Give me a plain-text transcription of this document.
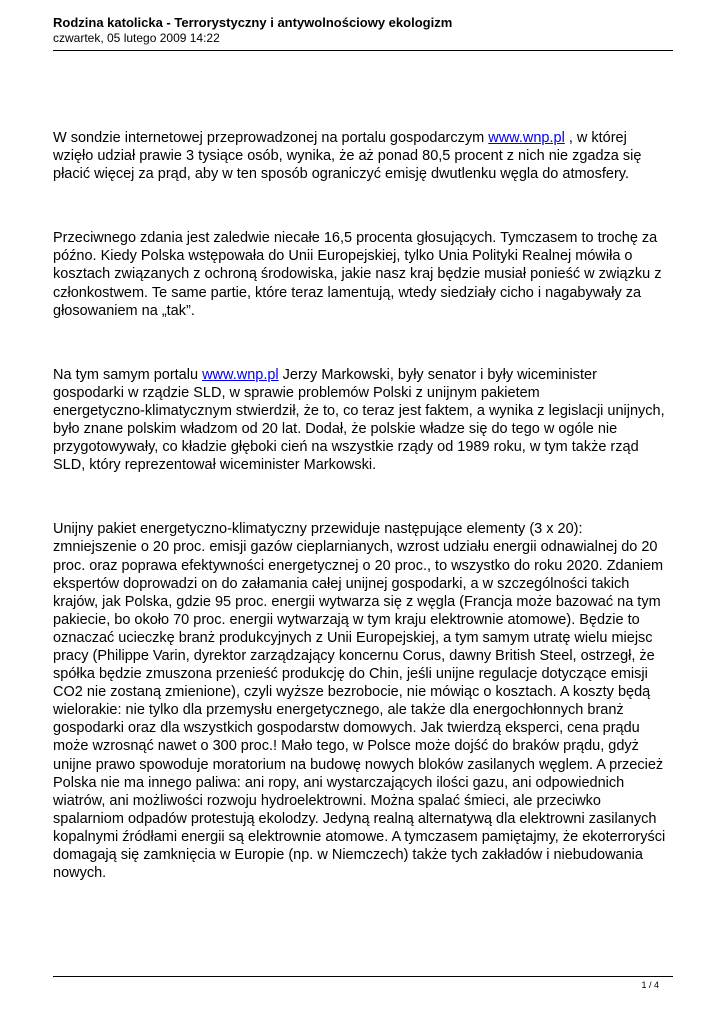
Rodzina katolicka - Terrorystyczny i antywolnościowy ekologizm
czwartek, 05 lutego 2009 14:22

W sondzie internetowej przeprowadzonej na portalu gospodarczym www.wnp.pl , w której

wzięło udział prawie 3 tysiące osób, wynika, że aż ponad 80,5 procent z nich nie zgadza się

płacić więcej za prąd, aby w ten sposób ograniczyć emisję dwutlenku węgla do atmosfery.

Przeciwnego zdania jest zaledwie niecałe 16,5 procenta głosujących. Tymczasem to trochę za

późno. Kiedy Polska wstępowała do Unii Europejskiej, tylko Unia Polityki Realnej mówiła o

kosztach związanych z ochroną środowiska, jakie nasz kraj będzie musiał ponieść w związku z

członkostwem. Te same partie, które teraz lamentują, wtedy siedziały cicho i nagabywały za

głosowaniem na „tak”.

Na tym samym portalu www.wnp.pl Jerzy Markowski, były senator i były wiceminister

gospodarki w rządzie SLD, w sprawie problemów Polski z unijnym pakietem

energetyczno-klimatycznym stwierdził, że to, co teraz jest faktem, a wynika z legislacji unijnych,

było znane polskim władzom od 20 lat. Dodał, że polskie władze się do tego w ogóle nie

przygotowywały, co kładzie głęboki cień na wszystkie rządy od 1989 roku, w tym także rząd

SLD, który reprezentował wiceminister Markowski.

Unijny pakiet energetyczno-klimatyczny przewiduje następujące elementy (3 x 20):

zmniejszenie o 20 proc. emisji gazów cieplarnianych, wzrost udziału energii odnawialnej do 20

proc. oraz poprawa efektywności energetycznej o 20 proc., to wszystko do roku 2020. Zdaniem

ekspertów doprowadzi on do załamania całej unijnej gospodarki, a w szczególności takich

krajów, jak Polska, gdzie 95 proc. energii wytwarza się z węgla (Francja może bazować na tym

pakiecie, bo około 70 proc. energii wytwarzają w tym kraju elektrownie atomowe). Będzie to

oznaczać ucieczkę branż produkcyjnych z Unii Europejskiej, a tym samym utratę wielu miejsc

pracy (Philippe Varin, dyrektor zarządzający koncernu Corus, dawny British Steel, ostrzegł, że

spółka będzie zmuszona przenieść produkcję do Chin, jeśli unijne regulacje dotyczące emisji

CO2 nie zostaną zmienione), czyli wyższe bezrobocie, nie mówiąc o kosztach. A koszty będą

wielorakie: nie tylko dla przemysłu energetycznego, ale także dla energochłonnych branż

gospodarki oraz dla wszystkich gospodarstw domowych. Jak twierdzą eksperci, cena prądu

może wzrosnąć nawet o 300 proc.! Mało tego, w Polsce może dojść do braków prądu, gdyż

unijne prawo spowoduje moratorium na budowę nowych bloków zasilanych węglem. A przecież

Polska nie ma innego paliwa: ani ropy, ani wystarczających ilości gazu, ani odpowiednich

wiatrów, ani możliwości rozwoju hydroelektrowni. Można spalać śmieci, ale przeciwko

spalarniom odpadów protestują ekolodzy. Jedyną realną alternatywą dla elektrowni zasilanych

kopalnymi źródłami energii są elektrownie atomowe. A tymczasem pamiętajmy, że ekoterroryści

domagają się zamknięcia w Europie (np. w Niemczech) także tych zakładów i niebudowania

nowych.

1 / 4
